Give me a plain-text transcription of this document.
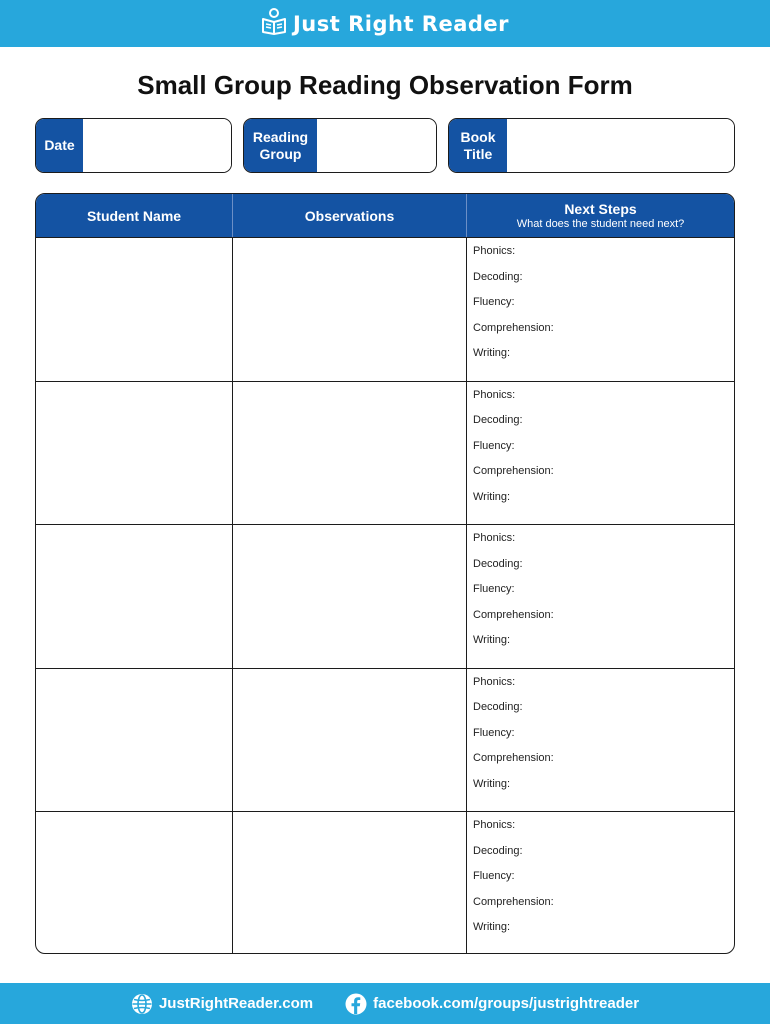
Just Right Reader
Small Group Reading Observation Form
Date
Reading
Group
Book
Title
Student Name	Observations	Next Steps
What does the student need next?
Phonics:
Decoding:
Fluency:
Comprehension:
Writing:
Phonics:
Decoding:
Fluency:
Comprehension:
Writing:
Phonics:
Decoding:
Fluency:
Comprehension:
Writing:
Phonics:
Decoding:
Fluency:
Comprehension:
Writing:
Phonics:
Decoding:
Fluency:
Comprehension:
Writing:
JustRightReader.com	facebook.com/groups/justrightreader
